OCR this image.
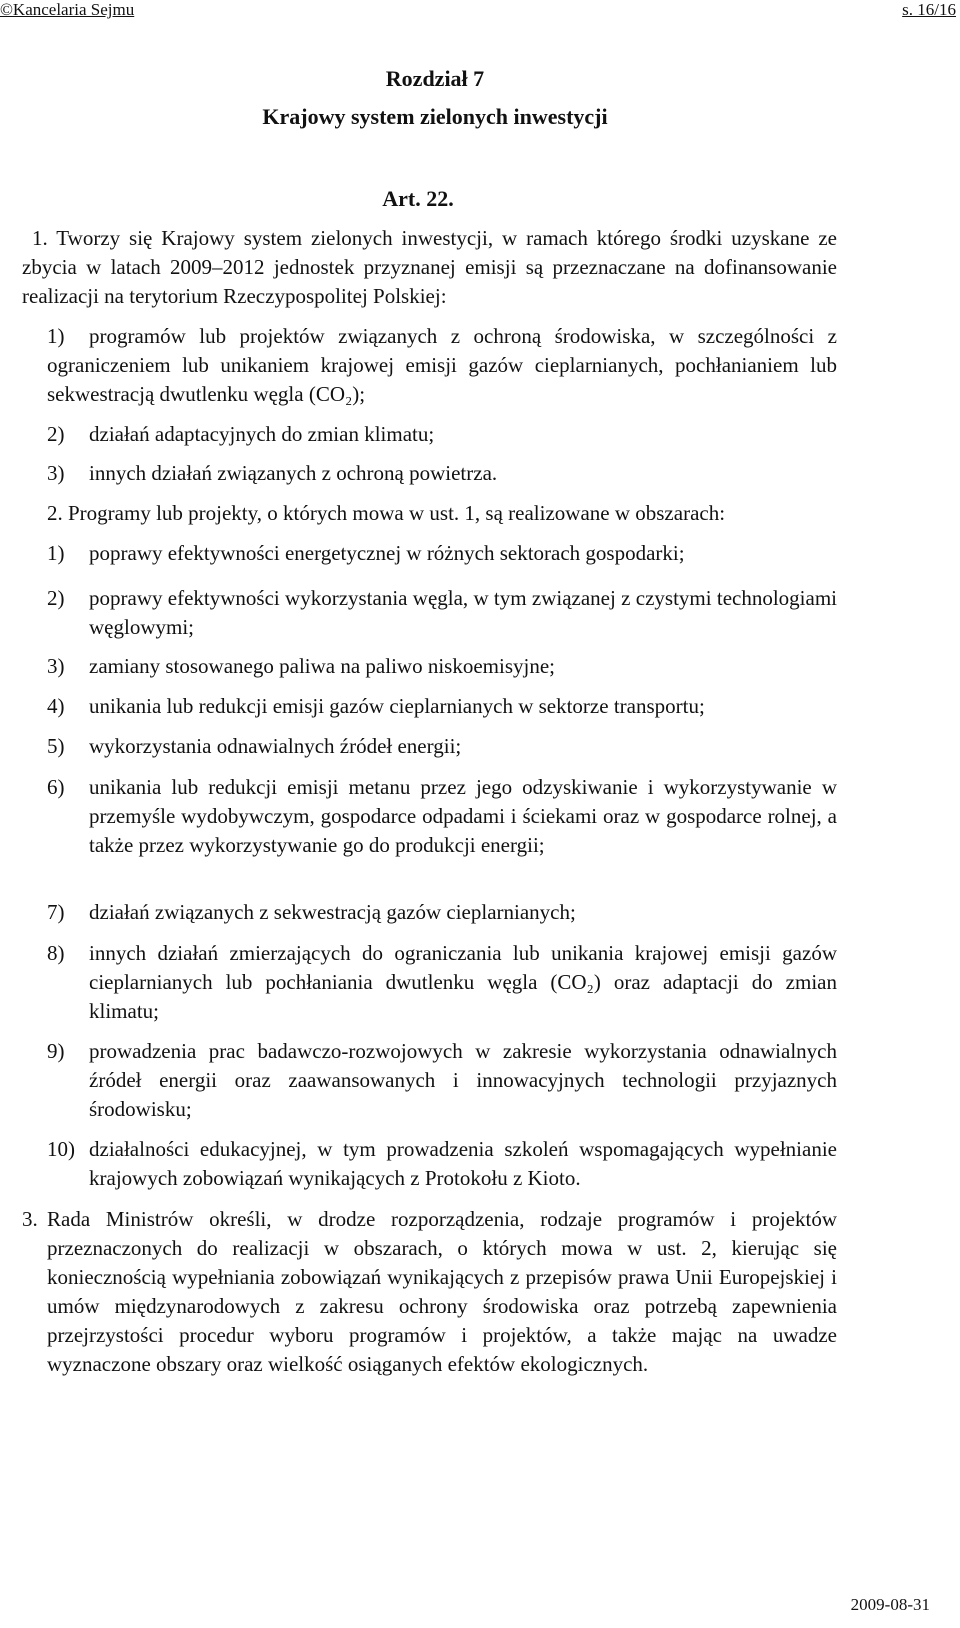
©Kancelaria Sejmu	s. 16/16
Rozdział 7
Krajowy system zielonych inwestycji
Art. 22.
1. Tworzy się Krajowy system zielonych inwestycji, w ramach którego środki uzyskane ze zbycia w latach 2009–2012 jednostek przyznanej emisji są przeznaczane na dofinansowanie realizacji na terytorium Rzeczypospolitej Polskiej:
1)	programów lub projektów związanych z ochroną środowiska, w szczególności z ograniczeniem lub unikaniem krajowej emisji gazów cieplarnianych, pochłanianiem lub sekwestracją dwutlenku węgla (CO₂);
2) działań adaptacyjnych do zmian klimatu;
3) innych działań związanych z ochroną powietrza.
2. Programy lub projekty, o których mowa w ust. 1, są realizowane w obszarach:
1) poprawy efektywności energetycznej w różnych sektorach gospodarki;
2) poprawy efektywności wykorzystania węgla, w tym związanej z czystymi technologiami węglowymi;
3) zamiany stosowanego paliwa na paliwo niskoemisyjne;
4) unikania lub redukcji emisji gazów cieplarnianych w sektorze transportu;
5) wykorzystania odnawialnych źródeł energii;
6) unikania lub redukcji emisji metanu przez jego odzyskiwanie i wykorzystywanie w przemyśle wydobywczym, gospodarce odpadami i ściekami oraz w gospodarce rolnej, a także przez wykorzystywanie go do produkcji energii;
7) działań związanych z sekwestracją gazów cieplarnianych;
8) innych działań zmierzających do ograniczania lub unikania krajowej emisji gazów cieplarnianych lub pochłaniania dwutlenku węgla (CO₂) oraz adaptacji do zmian klimatu;
9) prowadzenia prac badawczo-rozwojowych w zakresie wykorzystania odnawialnych źródeł energii oraz zaawansowanych i innowacyjnych technologii przyjaznych środowisku;
10) działalności edukacyjnej, w tym prowadzenia szkoleń wspomagających wypełnianie krajowych zobowiązań wynikających z Protokołu z Kioto.
3. Rada Ministrów określi, w drodze rozporządzenia, rodzaje programów i projektów przeznaczonych do realizacji w obszarach, o których mowa w ust. 2, kierując się koniecznością wypełniania zobowiązań wynikających z przepisów prawa Unii Europejskiej i umów międzynarodowych z zakresu ochrony środowiska oraz potrzebą zapewnienia przejrzystości procedur wyboru programów i projektów, a także mając na uwadze wyznaczone obszary oraz wielkość osiąganych efektów ekologicznych.
2009-08-31
